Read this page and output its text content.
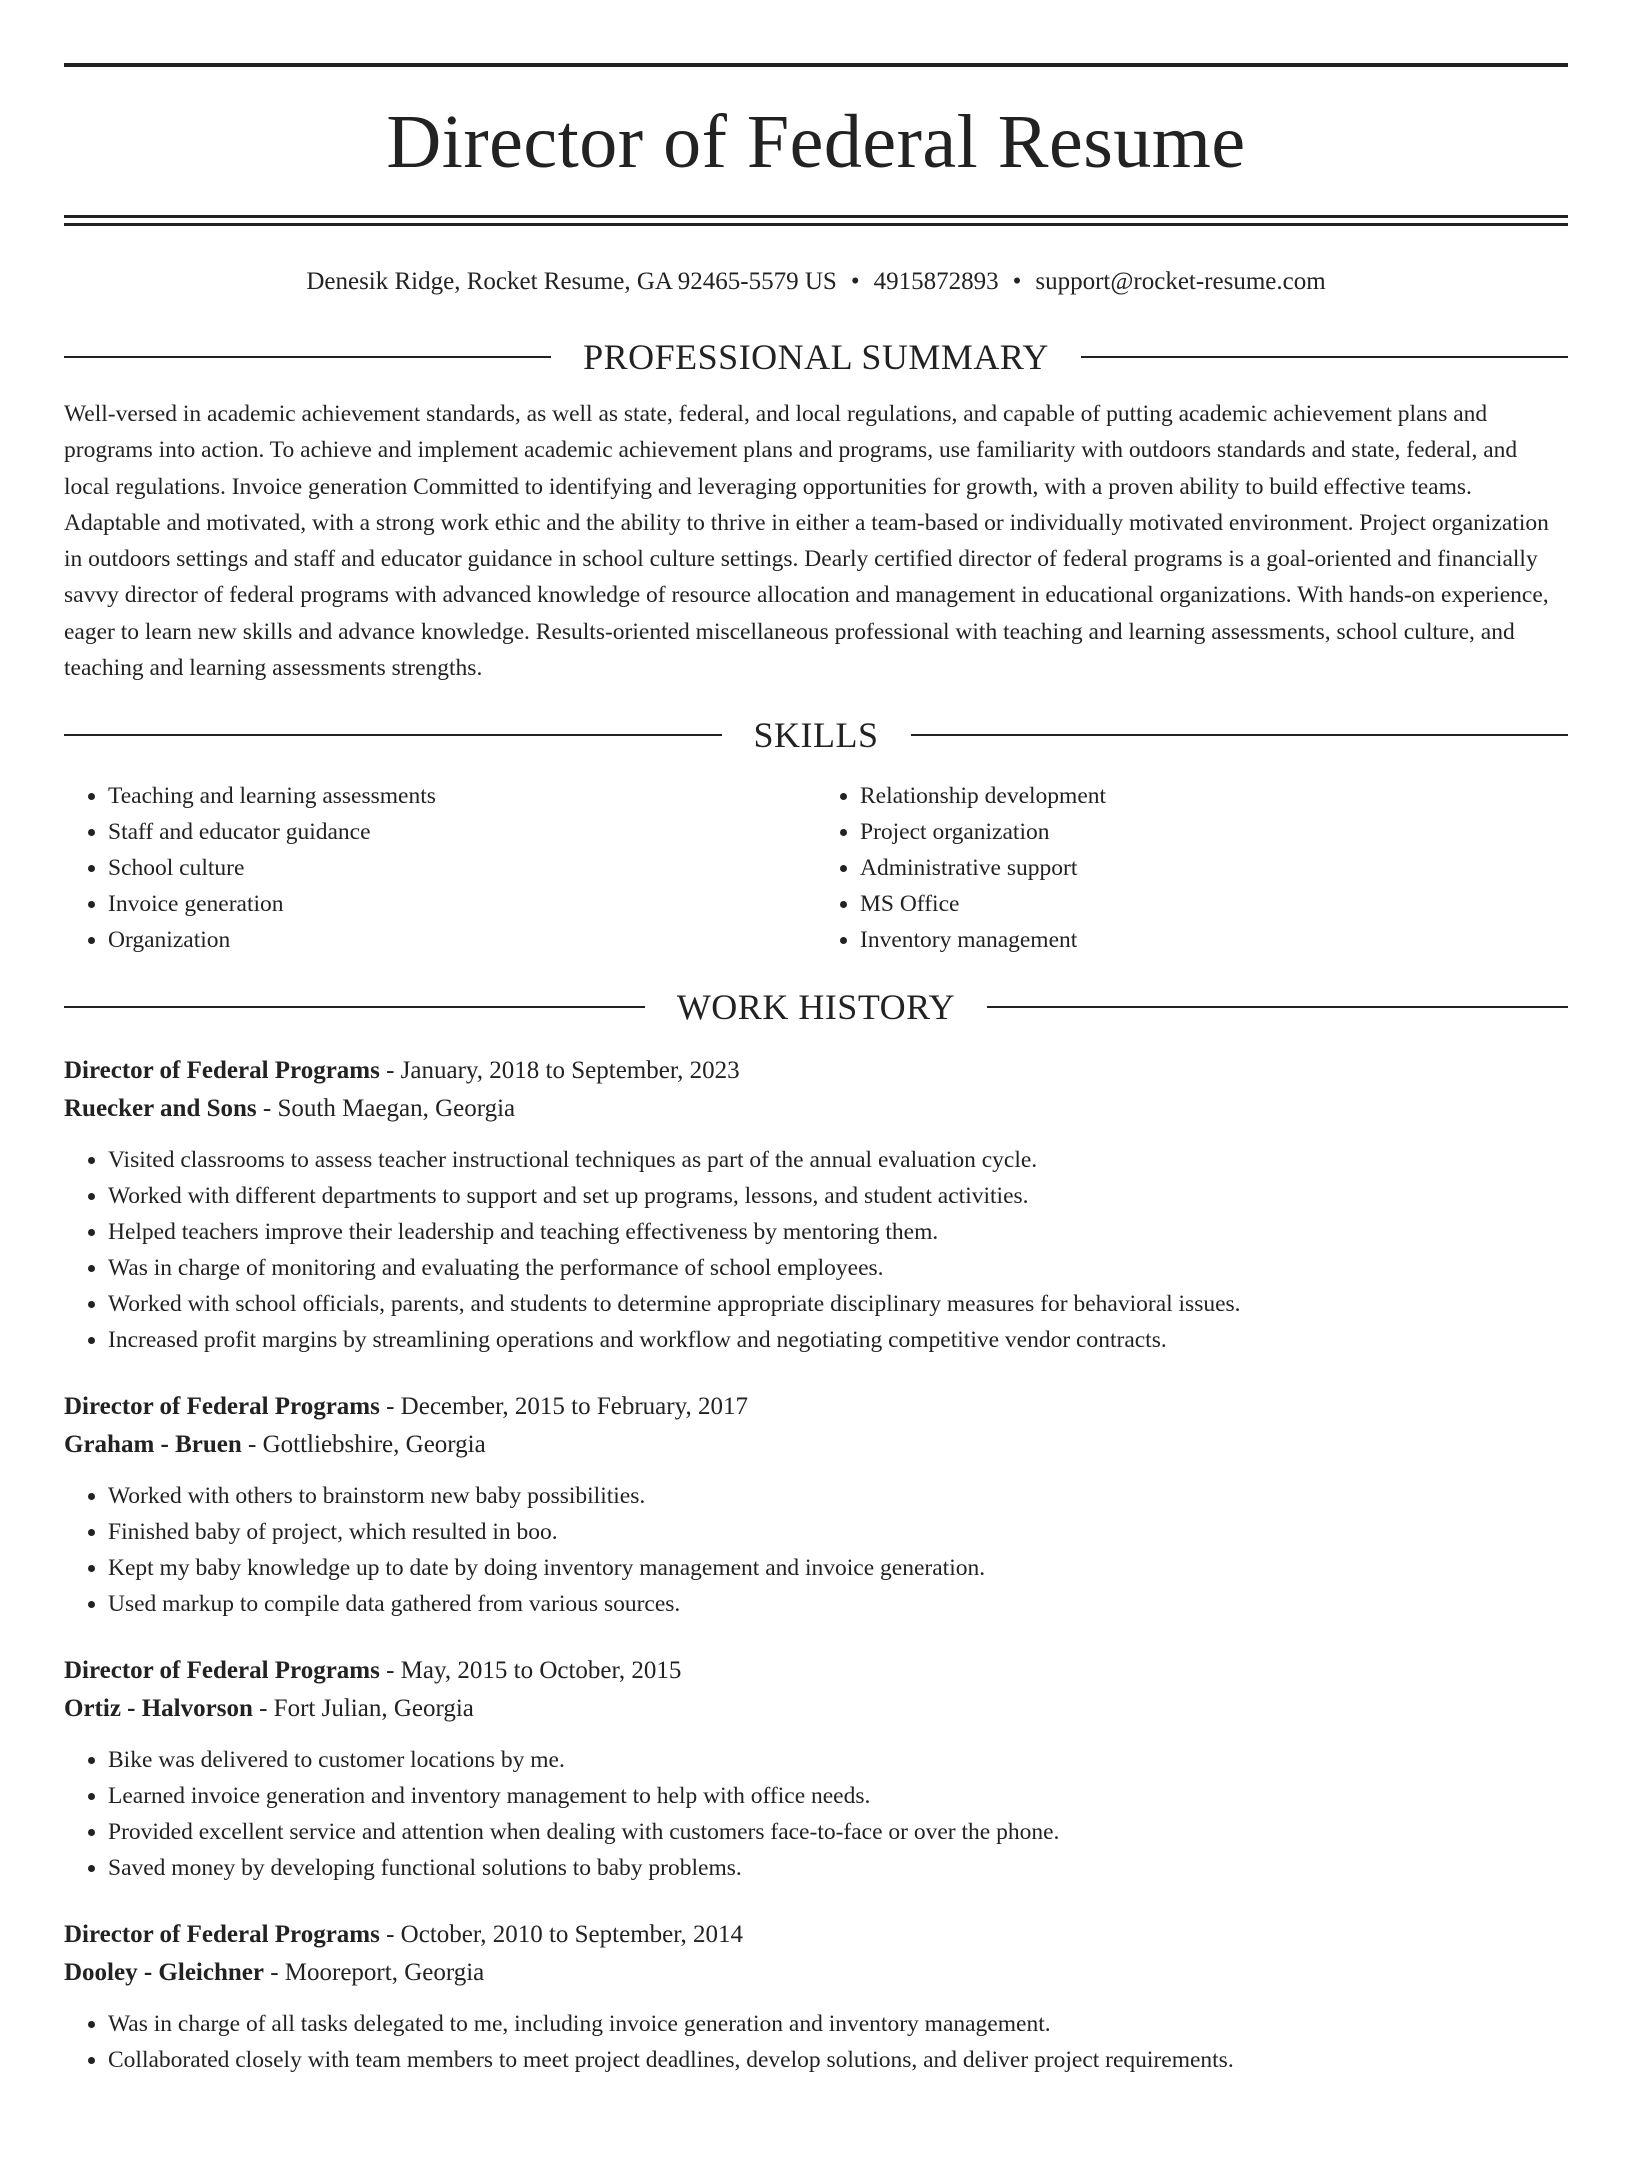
Director of Federal Resume
Denesik Ridge, Rocket Resume, GA 92465-5579 US • 4915872893 • support@rocket-resume.com
PROFESSIONAL SUMMARY

Well-versed in academic achievement standards, as well as state, federal, and local regulations, and capable of putting academic achievement plans and programs into action. To achieve and implement academic achievement plans and programs, use familiarity with outdoors standards and state, federal, and local regulations. Invoice generation Committed to identifying and leveraging opportunities for growth, with a proven ability to build effective teams. Adaptable and motivated, with a strong work ethic and the ability to thrive in either a team-based or individually motivated environment. Project organization in outdoors settings and staff and educator guidance in school culture settings. Dearly certified director of federal programs is a goal-oriented and financially savvy director of federal programs with advanced knowledge of resource allocation and management in educational organizations. With hands-on experience, eager to learn new skills and advance knowledge. Results-oriented miscellaneous professional with teaching and learning assessments, school culture, and teaching and learning assessments strengths.

SKILLS
• Teaching and learning assessments
• Staff and educator guidance
• School culture
• Invoice generation
• Organization
• Relationship development
• Project organization
• Administrative support
• MS Office
• Inventory management
WORK HISTORY
Director of Federal Programs - January, 2018 to September, 2023
Ruecker and Sons - South Maegan, Georgia
• Visited classrooms to assess teacher instructional techniques as part of the annual evaluation cycle.
• Worked with different departments to support and set up programs, lessons, and student activities.
• Helped teachers improve their leadership and teaching effectiveness by mentoring them.
• Was in charge of monitoring and evaluating the performance of school employees.
• Worked with school officials, parents, and students to determine appropriate disciplinary measures for behavioral issues.
• Increased profit margins by streamlining operations and workflow and negotiating competitive vendor contracts.
Director of Federal Programs - December, 2015 to February, 2017
Graham - Bruen - Gottliebshire, Georgia
• Worked with others to brainstorm new baby possibilities.
• Finished baby of project, which resulted in boo.
• Kept my baby knowledge up to date by doing inventory management and invoice generation.
• Used markup to compile data gathered from various sources.
Director of Federal Programs - May, 2015 to October, 2015
Ortiz - Halvorson - Fort Julian, Georgia
• Bike was delivered to customer locations by me.
• Learned invoice generation and inventory management to help with office needs.
• Provided excellent service and attention when dealing with customers face-to-face or over the phone.
• Saved money by developing functional solutions to baby problems.
Director of Federal Programs - October, 2010 to September, 2014
Dooley - Gleichner - Mooreport, Georgia
• Was in charge of all tasks delegated to me, including invoice generation and inventory management.
• Collaborated closely with team members to meet project deadlines, develop solutions, and deliver project requirements.
